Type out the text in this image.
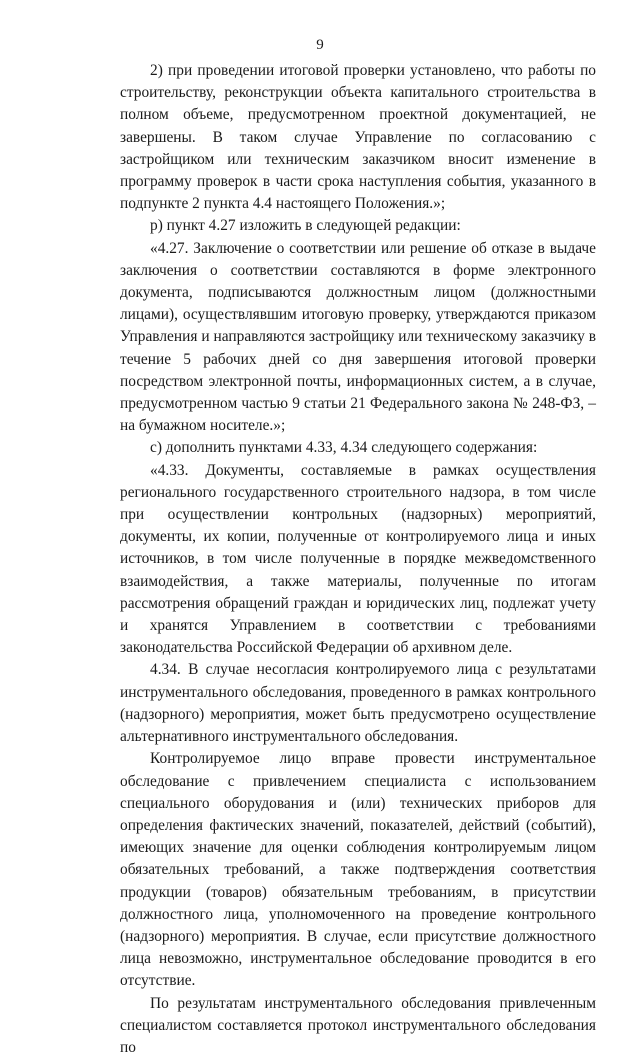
9

2) при проведении итоговой проверки установлено, что работы по строительству, реконструкции объекта капитального строительства в полном объеме, предусмотренном проектной документацией, не завершены. В таком случае Управление по согласованию с застройщиком или техническим заказчиком вносит изменение в программу проверок в части срока наступления события, указанного в подпункте 2 пункта 4.4 настоящего Положения.»;

р) пункт 4.27 изложить в следующей редакции:

«4.27. Заключение о соответствии или решение об отказе в выдаче заключения о соответствии составляются в форме электронного документа, подписываются должностным лицом (должностными лицами), осуществлявшим итоговую проверку, утверждаются приказом Управления и направляются застройщику или техническому заказчику в течение 5 рабочих дней со дня завершения итоговой проверки посредством электронной почты, информационных систем, а в случае, предусмотренном частью 9 статьи 21 Федерального закона № 248-ФЗ, – на бумажном носителе.»;

с) дополнить пунктами 4.33, 4.34 следующего содержания:

«4.33. Документы, составляемые в рамках осуществления регионального государственного строительного надзора, в том числе при осуществлении контрольных (надзорных) мероприятий, документы, их копии, полученные от контролируемого лица и иных источников, в том числе полученные в порядке межведомственного взаимодействия, а также материалы, полученные по итогам рассмотрения обращений граждан и юридических лиц, подлежат учету и хранятся Управлением в соответствии с требованиями законодательства Российской Федерации об архивном деле.

4.34. В случае несогласия контролируемого лица с результатами инструментального обследования, проведенного в рамках контрольного (надзорного) мероприятия, может быть предусмотрено осуществление альтернативного инструментального обследования.

Контролируемое лицо вправе провести инструментальное обследование с привлечением специалиста с использованием специального оборудования и (или) технических приборов для определения фактических значений, показателей, действий (событий), имеющих значение для оценки соблюдения контролируемым лицом обязательных требований, а также подтверждения соответствия продукции (товаров) обязательным требованиям, в присутствии должностного лица, уполномоченного на проведение контрольного (надзорного) мероприятия. В случае, если присутствие должностного лица невозможно, инструментальное обследование проводится в его отсутствие.

По результатам инструментального обследования привлеченным специалистом составляется протокол инструментального обследования по
